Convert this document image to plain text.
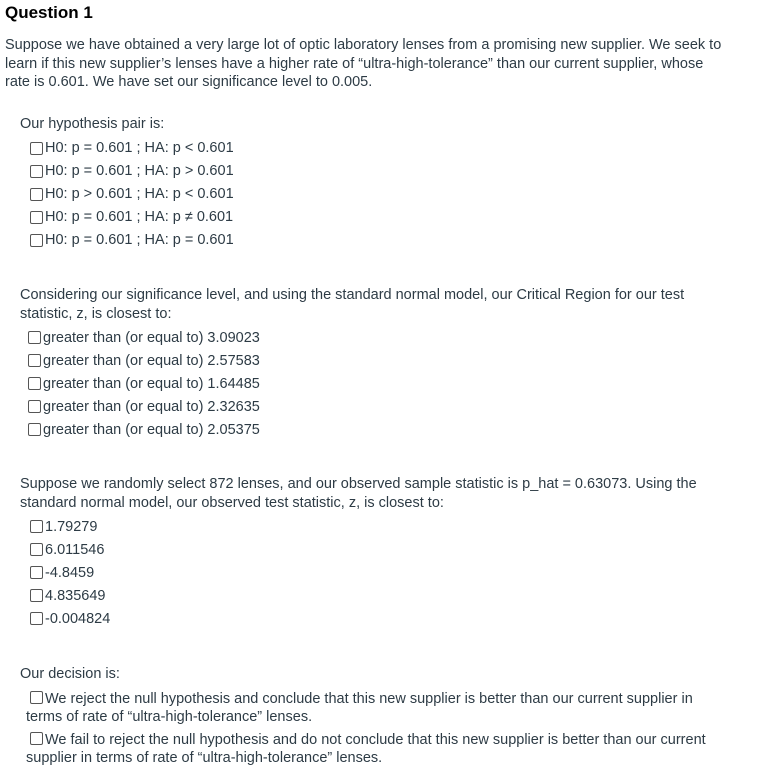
Question 1
Suppose we have obtained a very large lot of optic laboratory lenses from a promising new supplier. We seek to learn if this new supplier’s lenses have a higher rate of “ultra-high-tolerance” than our current supplier, whose rate is 0.601. We have set our significance level to 0.005.

Our hypothesis pair is:

H0: p = 0.601 ; HA: p < 0.601
H0: p = 0.601 ; HA: p > 0.601
H0: p > 0.601 ; HA: p < 0.601
H0: p = 0.601 ; HA: p ≠ 0.601
H0: p = 0.601 ; HA: p = 0.601

Considering our significance level, and using the standard normal model, our Critical Region for our test statistic, z, is closest to:

greater than (or equal to) 3.09023
greater than (or equal to) 2.57583
greater than (or equal to) 1.64485
greater than (or equal to) 2.32635
greater than (or equal to) 2.05375

Suppose we randomly select 872 lenses, and our observed sample statistic is p_hat = 0.63073. Using the standard normal model, our observed test statistic, z, is closest to:

1.79279
6.011546
-4.8459
4.835649
-0.004824

Our decision is:

We reject the null hypothesis and conclude that this new supplier is better than our current supplier in terms of rate of “ultra-high-tolerance” lenses.
We fail to reject the null hypothesis and do not conclude that this new supplier is better than our current supplier in terms of rate of “ultra-high-tolerance” lenses.
